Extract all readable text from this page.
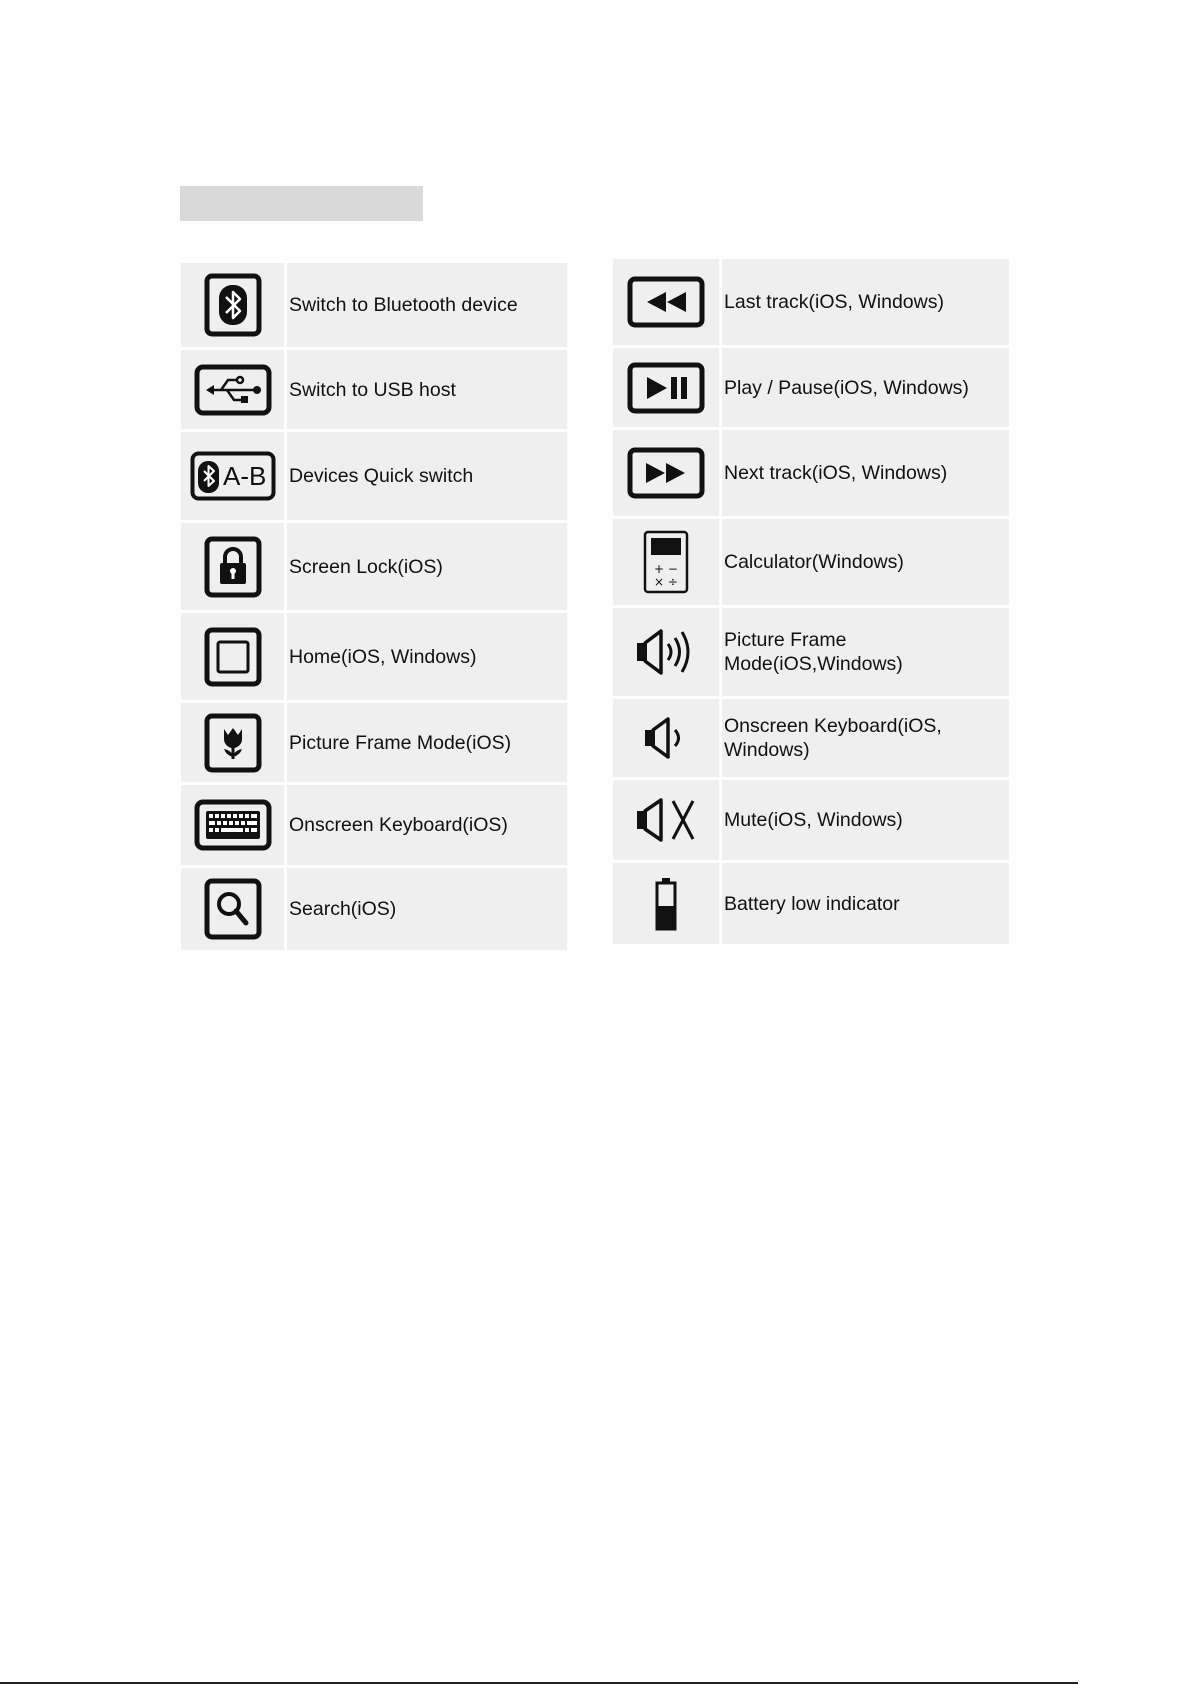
Switch to Bluetooth device
Switch to USB host
A-B Devices Quick switch
Screen Lock(iOS)
Home(iOS, Windows)
Picture Frame Mode(iOS)
Onscreen Keyboard(iOS)
Search(iOS)
Last track(iOS, Windows)
Play / Pause(iOS, Windows)
Next track(iOS, Windows)
+ −
× ÷
Calculator(Windows)
Picture Frame Mode(iOS,Windows)
Onscreen Keyboard(iOS, Windows)
Mute(iOS, Windows)
Battery low indicator
